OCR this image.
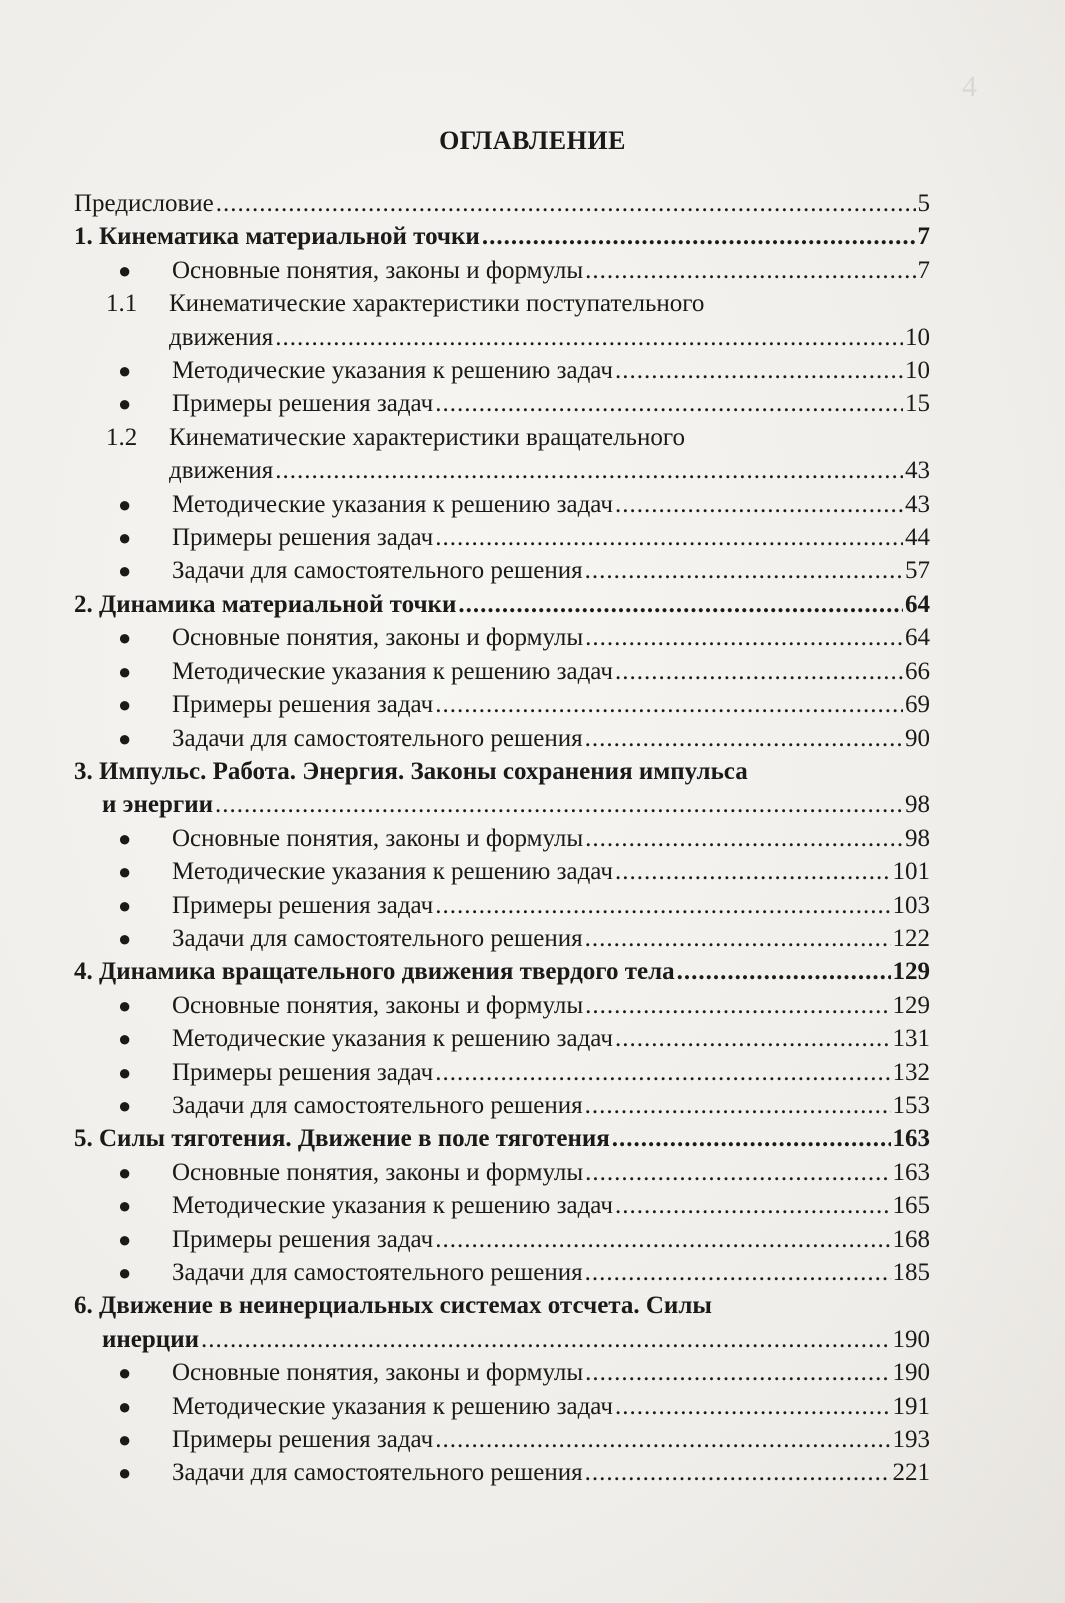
4
ОГЛАВЛЕНИЕ
Предисловие .....	5
1. Кинематика материальной точки .....	7
● Основные понятия, законы и формулы .....	7
1.1	Кинематические характеристики поступательного
движения .....	10
● Методические указания к решению задач .....	10
● Примеры решения задач .....	15
1.2	Кинематические характеристики вращательного
движения .....	43
● Методические указания к решению задач .....	43
● Примеры решения задач .....	44
● Задачи для самостоятельного решения .....	57
2. Динамика материальной точки .....	64
● Основные понятия, законы и формулы .....	64
● Методические указания к решению задач .....	66
● Примеры решения задач .....	69
● Задачи для самостоятельного решения .....	90
3. Импульс. Работа. Энергия. Законы сохранения импульса
и энергии .....	98
● Основные понятия, законы и формулы .....	98
● Методические указания к решению задач .....	101
● Примеры решения задач .....	103
● Задачи для самостоятельного решения .....	122
4. Динамика вращательного движения твердого тела .....	129
● Основные понятия, законы и формулы .....	129
● Методические указания к решению задач .....	131
● Примеры решения задач .....	132
● Задачи для самостоятельного решения .....	153
5. Силы тяготения. Движение в поле тяготения .....	163
● Основные понятия, законы и формулы .....	163
● Методические указания к решению задач .....	165
● Примеры решения задач .....	168
● Задачи для самостоятельного решения .....	185
6. Движение в неинерциальных системах отсчета. Силы
инерции .....	190
● Основные понятия, законы и формулы .....	190
● Методические указания к решению задач .....	191
● Примеры решения задач .....	193
● Задачи для самостоятельного решения .....	221
